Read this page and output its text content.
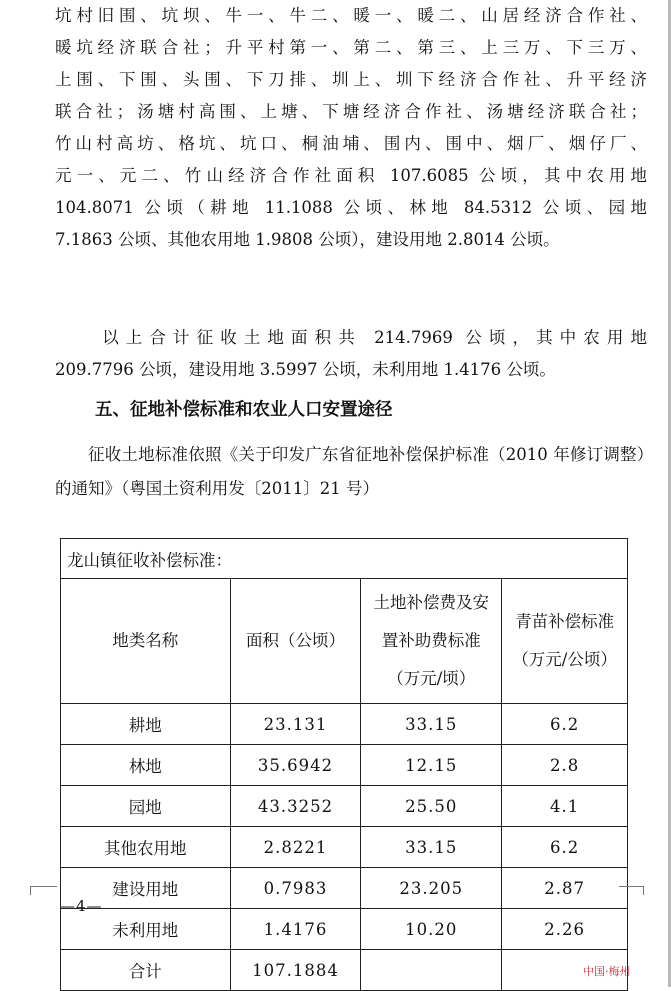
坑村旧围、坑坝、牛一、牛二、暖一、暖二、山居经济合作社、
暖坑经济联合社；升平村第一、第二、第三、上三万、下三万、
上围、下围、头围、下刀排、圳上、圳下经济合作社、升平经济
联合社；汤塘村高围、上塘、下塘经济合作社、汤塘经济联合社；
竹山村高坊、格坑、坑口、桐油埔、围内、围中、烟厂、烟仔厂、
元一、元二、竹山经济合作社面积 107.6085 公顷，其中农用地
104.8071 公顷（耕地 11.1088 公顷、林地 84.5312 公顷、园地
7.1863 公顷、其他农用地 1.9808 公顷），建设用地 2.8014 公顷。
　　以上合计征收土地面积共 214.7969 公顷，其中农用地
209.7796 公顷，建设用地 3.5997 公顷，未利用地 1.4176 公顷。
五、征地补偿标准和农业人口安置途径
征收土地标准依照《关于印发广东省征地补偿保护标准（2010 年修订调整）的通知》（粤国土资利用发〔2011〕21 号）
龙山镇征收补偿标准：			
地类名称	面积（公顷）	土地补偿费及安置补助费标准（万元/顷）	青苗补偿标准（万元/公顷）
耕地	23.131	33.15	6.2
林地	35.6942	12.15	2.8
园地	43.3252	25.50	4.1
其他农用地	2.8221	33.15	6.2
建设用地	0.7983	23.205	2.87
未利用地	1.4176	10.20	2.26
合计	107.1884		
—4—
中国·梅州
